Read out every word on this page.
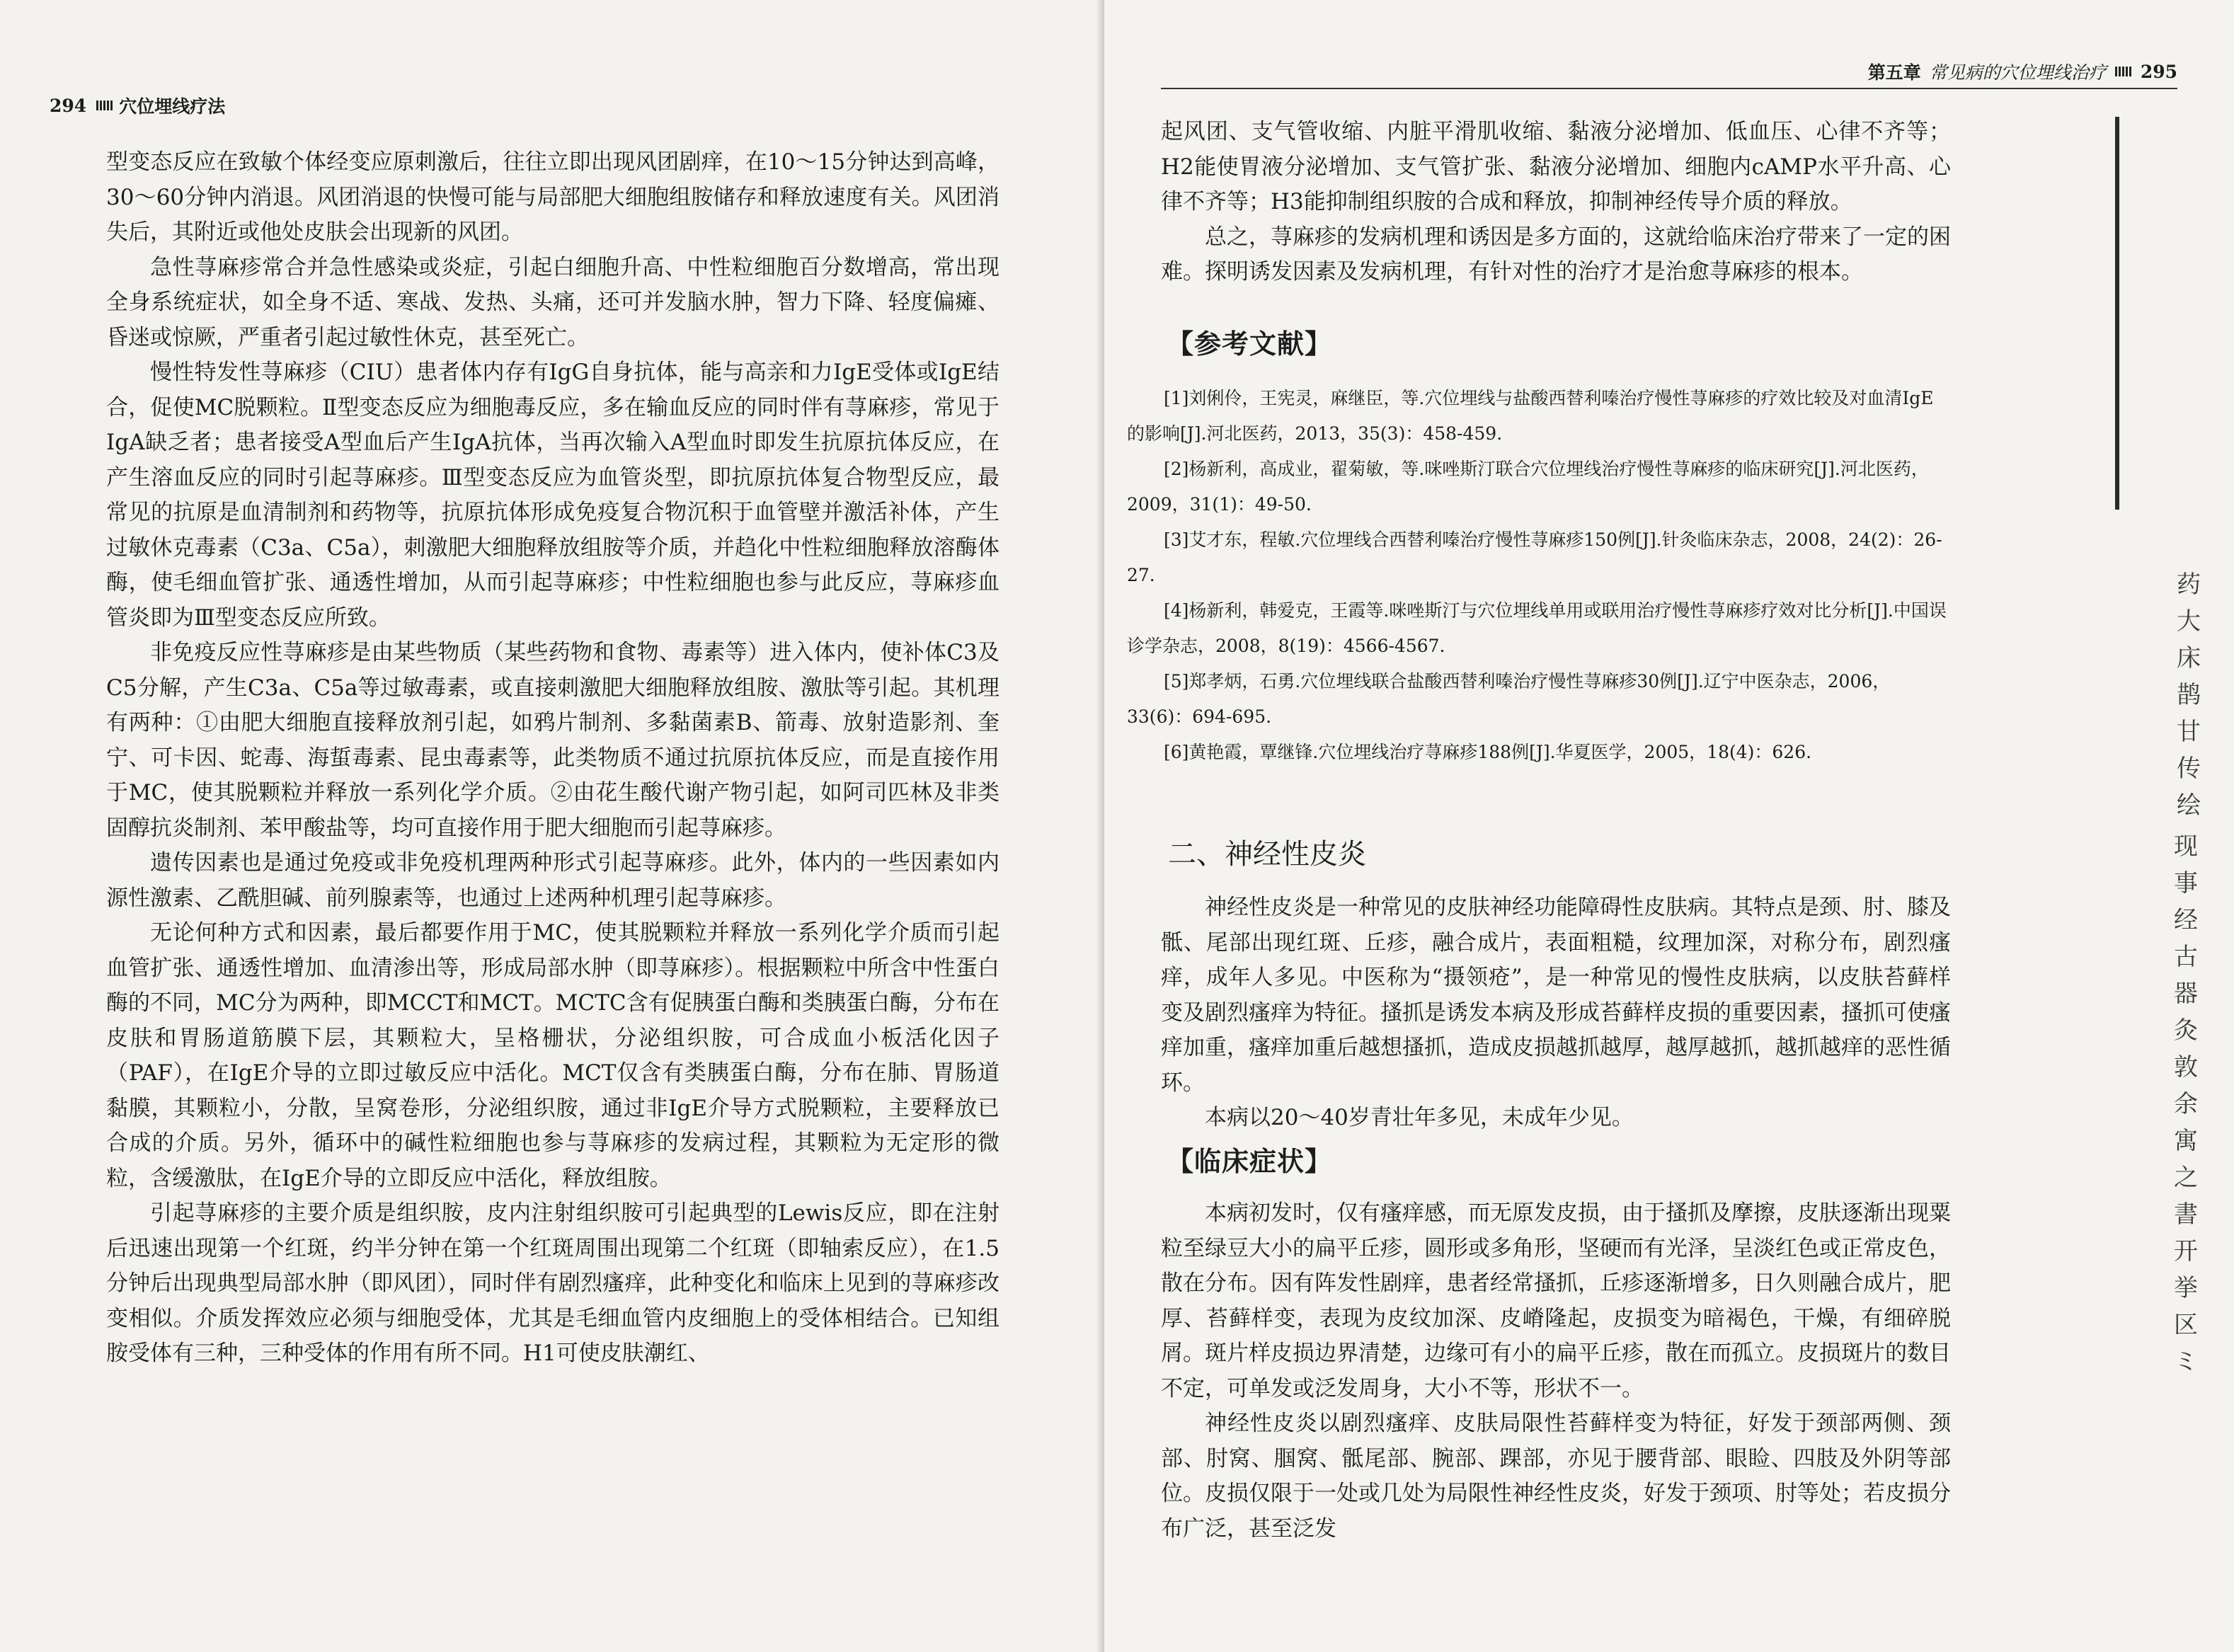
294 穴位埋线疗法

型变态反应在致敏个体经变应原刺激后，往往立即出现风团剧痒，在10～15分钟达到高峰，30～60分钟内消退。风团消退的快慢可能与局部肥大细胞组胺储存和释放速度有关。风团消失后，其附近或他处皮肤会出现新的风团。

急性荨麻疹常合并急性感染或炎症，引起白细胞升高、中性粒细胞百分数增高，常出现全身系统症状，如全身不适、寒战、发热、头痛，还可并发脑水肿，智力下降、轻度偏瘫、昏迷或惊厥，严重者引起过敏性休克，甚至死亡。

慢性特发性荨麻疹（CIU）患者体内存有IgG自身抗体，能与高亲和力IgE受体或IgE结合，促使MC脱颗粒。Ⅱ型变态反应为细胞毒反应，多在输血反应的同时伴有荨麻疹，常见于IgA缺乏者；患者接受A型血后产生IgA抗体，当再次输入A型血时即发生抗原抗体反应，在产生溶血反应的同时引起荨麻疹。Ⅲ型变态反应为血管炎型，即抗原抗体复合物型反应，最常见的抗原是血清制剂和药物等，抗原抗体形成免疫复合物沉积于血管壁并激活补体，产生过敏休克毒素（C3a、C5a），刺激肥大细胞释放组胺等介质，并趋化中性粒细胞释放溶酶体酶，使毛细血管扩张、通透性增加，从而引起荨麻疹；中性粒细胞也参与此反应，荨麻疹血管炎即为Ⅲ型变态反应所致。

非免疫反应性荨麻疹是由某些物质（某些药物和食物、毒素等）进入体内，使补体C3及C5分解，产生C3a、C5a等过敏毒素，或直接刺激肥大细胞释放组胺、激肽等引起。其机理有两种：①由肥大细胞直接释放剂引起，如鸦片制剂、多黏菌素B、箭毒、放射造影剂、奎宁、可卡因、蛇毒、海蜇毒素、昆虫毒素等，此类物质不通过抗原抗体反应，而是直接作用于MC，使其脱颗粒并释放一系列化学介质。②由花生酸代谢产物引起，如阿司匹林及非类固醇抗炎制剂、苯甲酸盐等，均可直接作用于肥大细胞而引起荨麻疹。

遗传因素也是通过免疫或非免疫机理两种形式引起荨麻疹。此外，体内的一些因素如内源性激素、乙酰胆碱、前列腺素等，也通过上述两种机理引起荨麻疹。

无论何种方式和因素，最后都要作用于MC，使其脱颗粒并释放一系列化学介质而引起血管扩张、通透性增加、血清渗出等，形成局部水肿（即荨麻疹）。根据颗粒中所含中性蛋白酶的不同，MC分为两种，即MCCT和MCT。MCTC含有促胰蛋白酶和类胰蛋白酶，分布在皮肤和胃肠道筋膜下层，其颗粒大，呈格栅状，分泌组织胺，可合成血小板活化因子（PAF），在IgE介导的立即过敏反应中活化。MCT仅含有类胰蛋白酶，分布在肺、胃肠道黏膜，其颗粒小，分散，呈窝卷形，分泌组织胺，通过非IgE介导方式脱颗粒，主要释放已合成的介质。另外，循环中的碱性粒细胞也参与荨麻疹的发病过程，其颗粒为无定形的微粒，含缓激肽，在IgE介导的立即反应中活化，释放组胺。

引起荨麻疹的主要介质是组织胺，皮内注射组织胺可引起典型的Lewis反应，即在注射后迅速出现第一个红斑，约半分钟在第一个红斑周围出现第二个红斑（即轴索反应），在1.5分钟后出现典型局部水肿（即风团），同时伴有剧烈瘙痒，此种变化和临床上见到的荨麻疹改变相似。介质发挥效应必须与细胞受体，尤其是毛细血管内皮细胞上的受体相结合。已知组胺受体有三种，三种受体的作用有所不同。H1可使皮肤潮红、

第五章 常见病的穴位埋线治疗 295

起风团、支气管收缩、内脏平滑肌收缩、黏液分泌增加、低血压、心律不齐等；H2能使胃液分泌增加、支气管扩张、黏液分泌增加、细胞内cAMP水平升高、心律不齐等；H3能抑制组织胺的合成和释放，抑制神经传导介质的释放。

总之，荨麻疹的发病机理和诱因是多方面的，这就给临床治疗带来了一定的困难。探明诱发因素及发病机理，有针对性的治疗才是治愈荨麻疹的根本。

【参考文献】

[1]刘俐伶，王宪灵，麻继臣，等.穴位埋线与盐酸西替利嗪治疗慢性荨麻疹的疗效比较及对血清IgE的影响[J].河北医药，2013，35(3)：458-459.

[2]杨新利，高成业，翟菊敏，等.咪唑斯汀联合穴位埋线治疗慢性荨麻疹的临床研究[J].河北医药，2009，31(1)：49-50.

[3]艾才东，程敏.穴位埋线合西替利嗪治疗慢性荨麻疹150例[J].针灸临床杂志，2008，24(2)：26-27.

[4]杨新利，韩爱克，王霞等.咪唑斯汀与穴位埋线单用或联用治疗慢性荨麻疹疗效对比分析[J].中国误诊学杂志，2008，8(19)：4566-4567.

[5]郑孝炳，石勇.穴位埋线联合盐酸西替利嗪治疗慢性荨麻疹30例[J].辽宁中医杂志，2006，33(6)：694-695.

[6]黄艳霞，覃继锋.穴位埋线治疗荨麻疹188例[J].华夏医学，2005，18(4)：626.

二、神经性皮炎

神经性皮炎是一种常见的皮肤神经功能障碍性皮肤病。其特点是颈、肘、膝及骶、尾部出现红斑、丘疹，融合成片，表面粗糙，纹理加深，对称分布，剧烈瘙痒，成年人多见。中医称为“摄领疮”，是一种常见的慢性皮肤病，以皮肤苔藓样变及剧烈瘙痒为特征。搔抓是诱发本病及形成苔藓样皮损的重要因素，搔抓可使瘙痒加重，瘙痒加重后越想搔抓，造成皮损越抓越厚，越厚越抓，越抓越痒的恶性循环。

本病以20～40岁青壮年多见，未成年少见。

【临床症状】

本病初发时，仅有瘙痒感，而无原发皮损，由于搔抓及摩擦，皮肤逐渐出现粟粒至绿豆大小的扁平丘疹，圆形或多角形，坚硬而有光泽，呈淡红色或正常皮色，散在分布。因有阵发性剧痒，患者经常搔抓，丘疹逐渐增多，日久则融合成片，肥厚、苔藓样变，表现为皮纹加深、皮嵴隆起，皮损变为暗褐色，干燥，有细碎脱屑。斑片样皮损边界清楚，边缘可有小的扁平丘疹，散在而孤立。皮损斑片的数目不定，可单发或泛发周身，大小不等，形状不一。

神经性皮炎以剧烈瘙痒、皮肤局限性苔藓样变为特征，好发于颈部两侧、颈部、肘窝、腘窝、骶尾部、腕部、踝部，亦见于腰背部、眼睑、四肢及外阴等部位。皮损仅限于一处或几处为局限性神经性皮炎，好发于颈项、肘等处；若皮损分布广泛，甚至泛发

药大床鹊甘传绘
现事经古器灸敦余寓之書开挙区ミ
